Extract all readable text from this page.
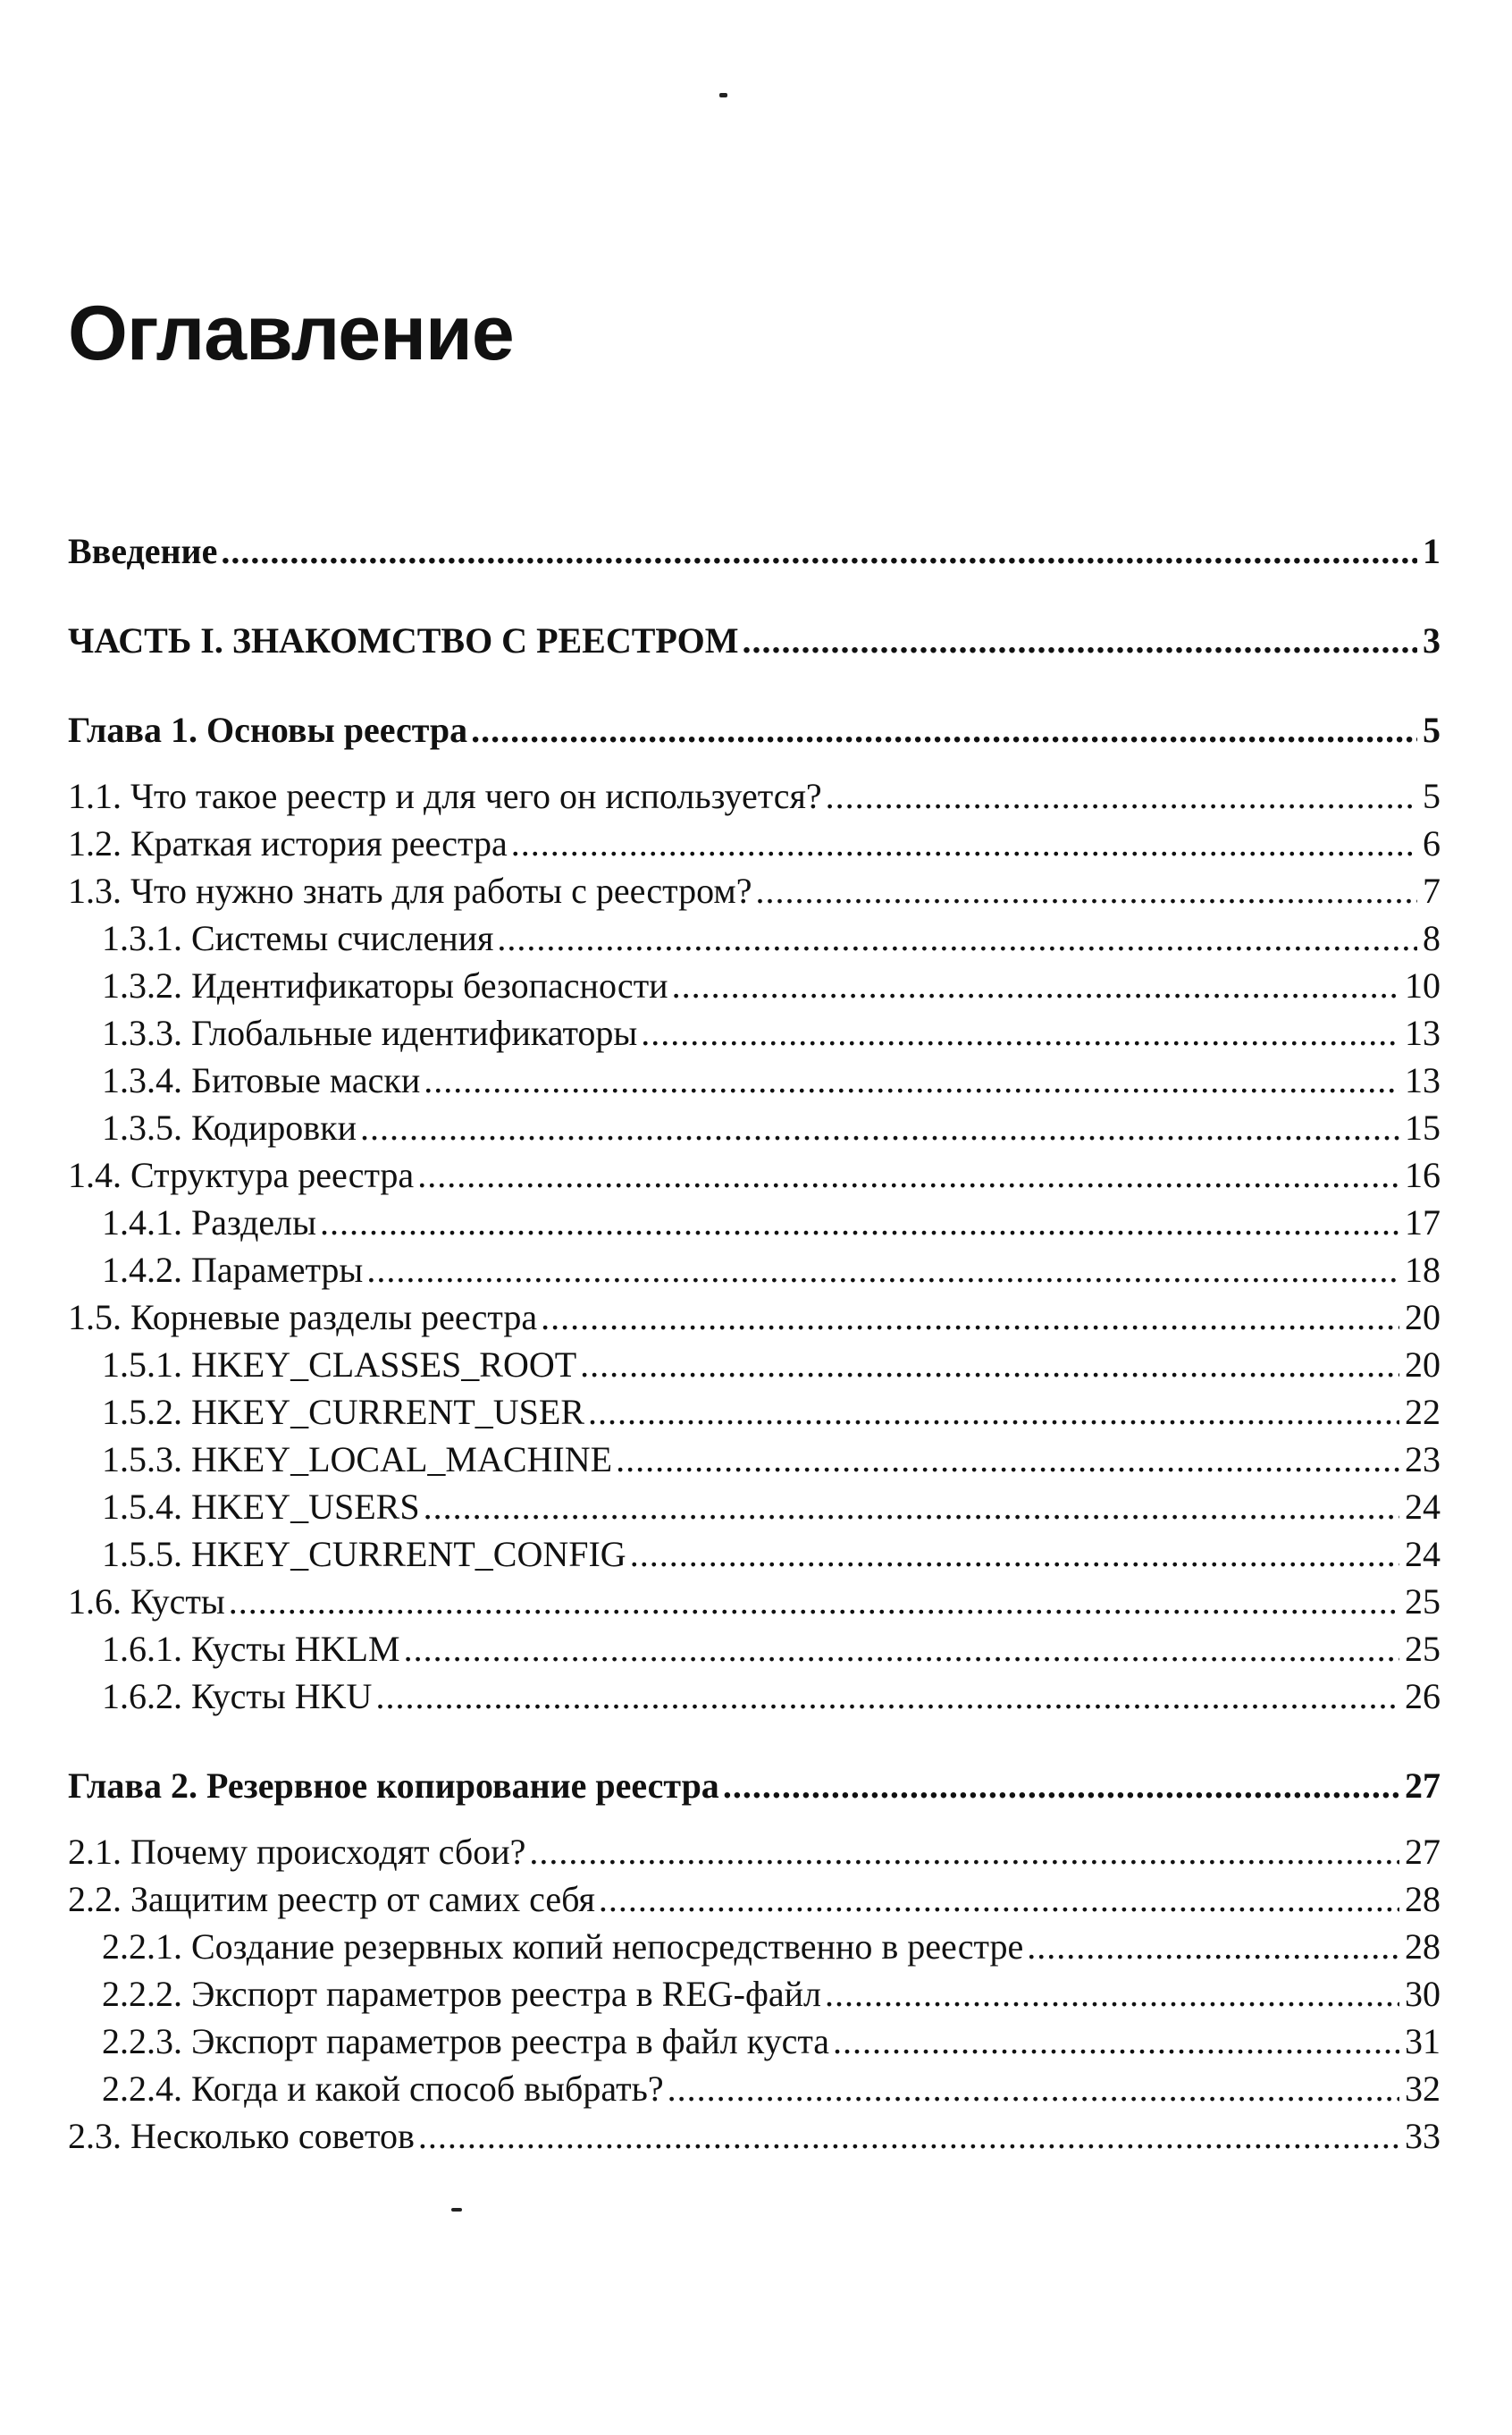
Оглавление
Введение .....	1
ЧАСТЬ I. ЗНАКОМСТВО С РЕЕСТРОМ .....	3
Глава 1. Основы реестра .....	5
1.1. Что такое реестр и для чего он используется? .....	5
1.2. Краткая история реестра .....	6
1.3. Что нужно знать для работы с реестром? .....	7
1.3.1. Системы счисления .....	8
1.3.2. Идентификаторы безопасности .....	10
1.3.3. Глобальные идентификаторы .....	13
1.3.4. Битовые маски .....	13
1.3.5. Кодировки .....	15
1.4. Структура реестра .....	16
1.4.1. Разделы .....	17
1.4.2. Параметры .....	18
1.5. Корневые разделы реестра .....	20
1.5.1. HKEY_CLASSES_ROOT .....	20
1.5.2. HKEY_CURRENT_USER .....	22
1.5.3. HKEY_LOCAL_MACHINE .....	23
1.5.4. HKEY_USERS .....	24
1.5.5. HKEY_CURRENT_CONFIG .....	24
1.6. Кусты .....	25
1.6.1. Кусты HKLM .....	25
1.6.2. Кусты HKU .....	26
Глава 2. Резервное копирование реестра .....	27
2.1. Почему происходят сбои? .....	27
2.2. Защитим реестр от самих себя .....	28
2.2.1. Создание резервных копий непосредственно в реестре .....	28
2.2.2. Экспорт параметров реестра в REG-файл .....	30
2.2.3. Экспорт параметров реестра в файл куста .....	31
2.2.4. Когда и какой способ выбрать? .....	32
2.3. Несколько советов .....	33
